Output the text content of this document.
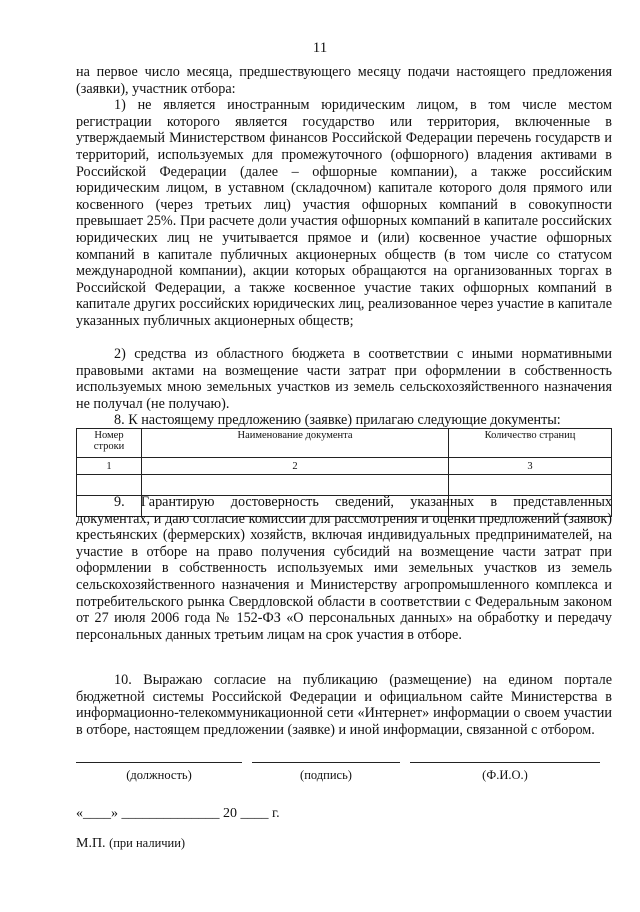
11

на первое число месяца, предшествующего месяцу подачи настоящего предложения (заявки), участник отбора:

1) не является иностранным юридическим лицом, в том числе местом регистрации которого является государство или территория, включенные в утверждаемый Министерством финансов Российской Федерации перечень государств и территорий, используемых для промежуточного (офшорного) владения активами в Российской Федерации (далее – офшорные компании), а также российским юридическим лицом, в уставном (складочном) капитале которого доля прямого или косвенного (через третьих лиц) участия офшорных компаний в совокупности превышает 25%. При расчете доли участия офшорных компаний в капитале российских юридических лиц не учитывается прямое и (или) косвенное участие офшорных компаний в капитале публичных акционерных обществ (в том числе со статусом международной компании), акции которых обращаются на организованных торгах в Российской Федерации, а также косвенное участие таких офшорных компаний в капитале других российских юридических лиц, реализованное через участие в капитале указанных публичных акционерных обществ;

2) средства из областного бюджета в соответствии с иными нормативными правовыми актами на возмещение части затрат при оформлении в собственность используемых мною земельных участков из земель сельскохозяйственного назначения не получал (не получаю).

8. К настоящему предложению (заявке) прилагаю следующие документы:

Номер строки	Наименование документа	Количество страниц
1	2	3

9. Гарантирую достоверность сведений, указанных в представленных документах, и даю согласие комиссии для рассмотрения и оценки предложений (заявок) крестьянских (фермерских) хозяйств, включая индивидуальных предпринимателей, на участие в отборе на право получения субсидий на возмещение части затрат при оформлении в собственность используемых ими земельных участков из земель сельскохозяйственного назначения и Министерству агропромышленного комплекса и потребительского рынка Свердловской области в соответствии с Федеральным законом от 27 июля 2006 года № 152-ФЗ «О персональных данных» на обработку и передачу персональных данных третьим лицам на срок участия в отборе.

10. Выражаю согласие на публикацию (размещение) на едином портале бюджетной системы Российской Федерации и официальном сайте Министерства в информационно-телекоммуникационной сети «Интернет» информации о своем участии в отборе, настоящем предложении (заявке) и иной информации, связанной с отбором.

(должность)	(подпись)	(Ф.И.О.)
«____» ______________ 20 ____ г.
М.П. (при наличии)
